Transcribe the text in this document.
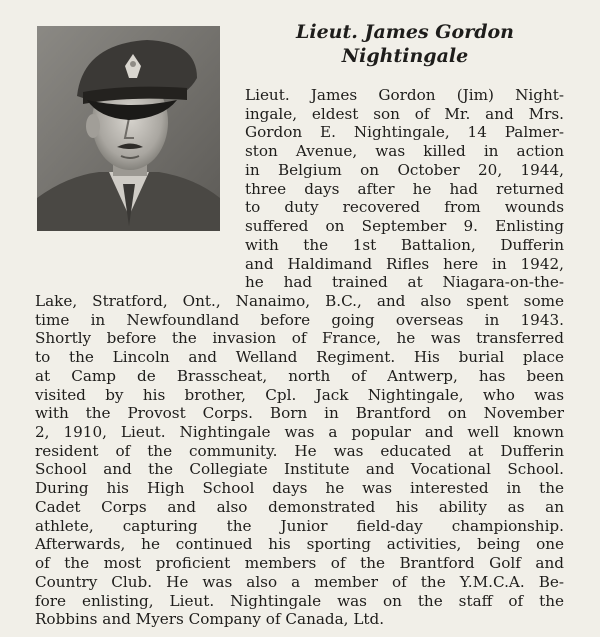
Lieut. James Gordon
Nightingale
Lieut. James Gordon (Jim) Night-
ingale, eldest son of Mr. and Mrs.
Gordon E. Nightingale, 14 Palmer-
ston Avenue, was killed in action
in Belgium on October 20, 1944,
three days after he had returned
to duty recovered from wounds
suffered on September 9. Enlisting
with the 1st Battalion, Dufferin
and Haldimand Rifles here in 1942,
he had trained at Niagara-on-the-
Lake, Stratford, Ont., Nanaimo, B.C., and also spent some
time in Newfoundland before going overseas in 1943.
Shortly before the invasion of France, he was transferred
to the Lincoln and Welland Regiment. His burial place
at Camp de Brasscheat, north of Antwerp, has been
visited by his brother, Cpl. Jack Nightingale, who was
with the Provost Corps. Born in Brantford on November
2, 1910, Lieut. Nightingale was a popular and well known
resident of the community. He was educated at Dufferin
School and the Collegiate Institute and Vocational School.
During his High School days he was interested in the
Cadet Corps and also demonstrated his ability as an
athlete, capturing the Junior field-day championship.
Afterwards, he continued his sporting activities, being one
of the most proficient members of the Brantford Golf and
Country Club. He was also a member of the Y.M.C.A. Be-
fore enlisting, Lieut. Nightingale was on the staff of the
Robbins and Myers Company of Canada, Ltd.
